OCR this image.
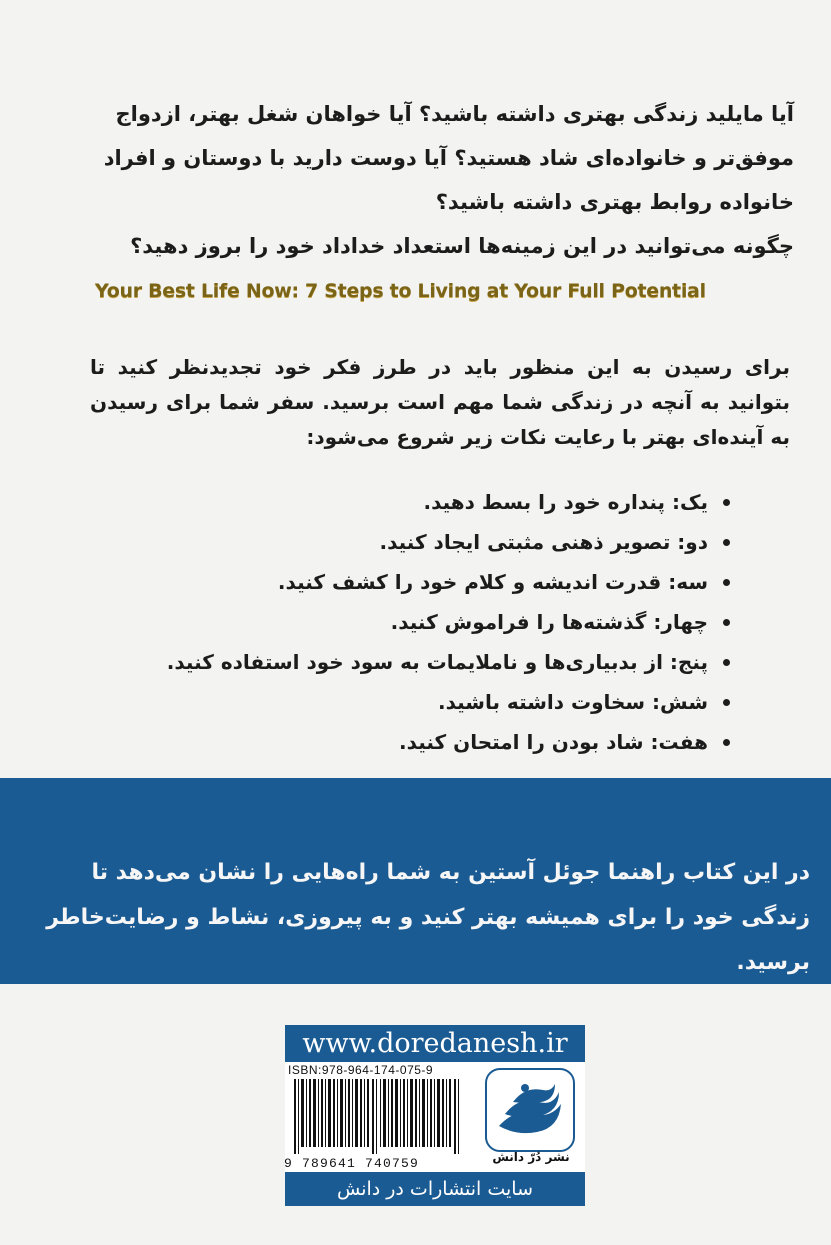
آیا مایلید زندگی بهتری داشته باشید؟ آیا خواهان شغل بهتر، ازدواج موفق‌تر و خانواده‌ای شاد هستید؟ آیا دوست دارید با دوستان و افراد خانواده روابط بهتری داشته باشید؟

چگونه می‌توانید در این زمینه‌ها استعداد خداداد خود را بروز دهید؟

Your Best Life Now: 7 Steps to Living at Your Full Potential
برای رسیدن به این منظور باید در طرز فکر خود تجدیدنظر کنید تا بتوانید به آنچه در زندگی شما مهم است برسید. سفر شما برای رسیدن به آینده‌ای بهتر با رعایت نکات زیر شروع می‌شود:
یک: پنداره خود را بسط دهید.
دو: تصویر ذهنی مثبتی ایجاد کنید.
سه: قدرت اندیشه و کلام خود را کشف کنید.
چهار: گذشته‌ها را فراموش کنید.
پنج: از بدبیاری‌ها و ناملایمات به سود خود استفاده کنید.
شش: سخاوت داشته باشید.
هفت: شاد بودن را امتحان کنید.
در این کتاب راهنما جوئل آستین به شما راه‌هایی را نشان می‌دهد تا زندگی خود را برای همیشه بهتر کنید و به پیروزی، نشاط و رضایت‌خاطر برسید.
www.doredanesh.ir
ISBN:978-964-174-075-9
9 789641 740759	نشر دُرّ دانش
سایت انتشارات در دانش
